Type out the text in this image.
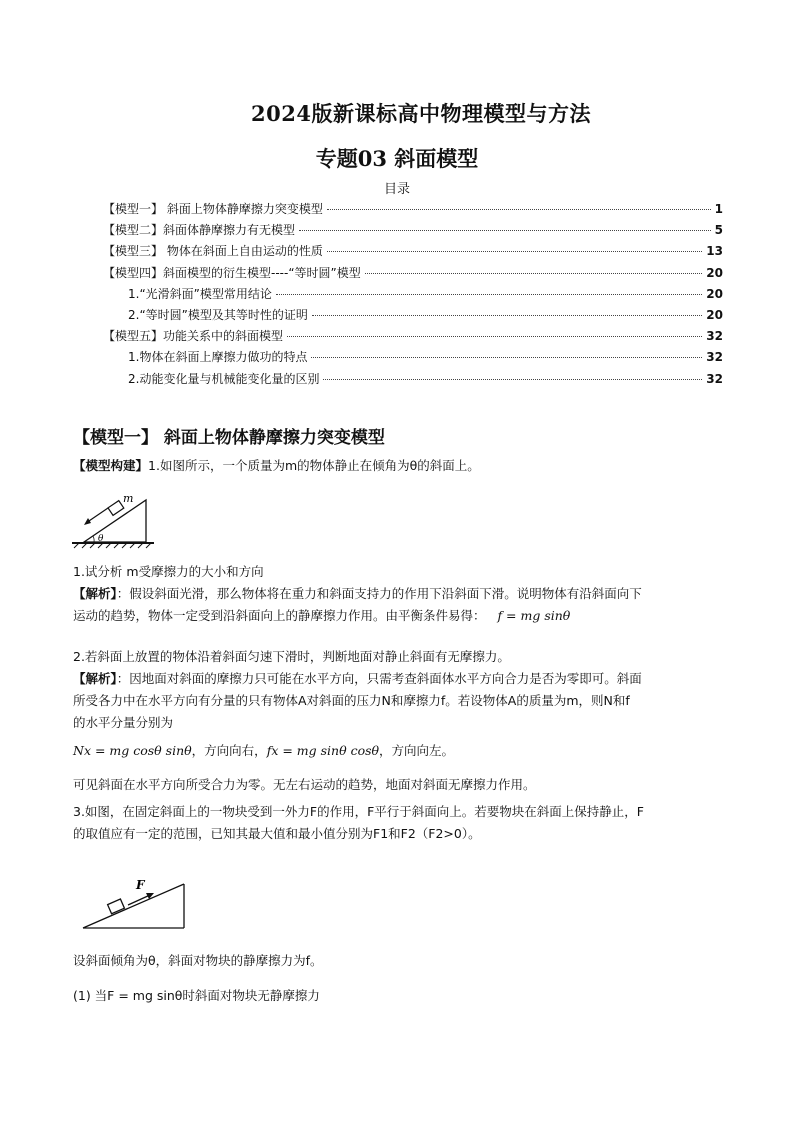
2024版新课标高中物理模型与方法
专题03 斜面模型
目录
【模型一】 斜面上物体静摩擦力突变模型	1
【模型二】斜面体静摩擦力有无模型	5
【模型三】 物体在斜面上自由运动的性质	13
【模型四】斜面模型的衍生模型----“等时圆”模型	20
1.“光滑斜面”模型常用结论	20
2.“等时圆”模型及其等时性的证明	20
【模型五】功能关系中的斜面模型	32
1.物体在斜面上摩擦力做功的特点	32
2.动能变化量与机械能变化量的区别	32
【模型一】 斜面上物体静摩擦力突变模型
【模型构建】1.如图所示，一个质量为m的物体静止在倾角为θ的斜面上。
m
θ
1.试分析 m受摩擦力的大小和方向
【解析】：假设斜面光滑，那么物体将在重力和斜面支持力的作用下沿斜面下滑。说明物体有沿斜面向下
运动的趋势，物体一定受到沿斜面向上的静摩擦力作用。由平衡条件易得： f = mg sinθ
2.若斜面上放置的物体沿着斜面匀速下滑时，判断地面对静止斜面有无摩擦力。
【解析】：因地面对斜面的摩擦力只可能在水平方向，只需考查斜面体水平方向合力是否为零即可。斜面
所受各力中在水平方向有分量的只有物体A对斜面的压力N和摩擦力f。若设物体A的质量为m，则N和f
的水平分量分别为
Nx = mg cosθ sinθ，方向向右，fx = mg sinθ cosθ，方向向左。
可见斜面在水平方向所受合力为零。无左右运动的趋势，地面对斜面无摩擦力作用。
3.如图，在固定斜面上的一物块受到一外力F的作用，F平行于斜面向上。若要物块在斜面上保持静止，F
的取值应有一定的范围，已知其最大值和最小值分别为F1和F2（F2>0）。
F
设斜面倾角为θ，斜面对物块的静摩擦力为f。
(1) 当F = mg sinθ时斜面对物块无静摩擦力
